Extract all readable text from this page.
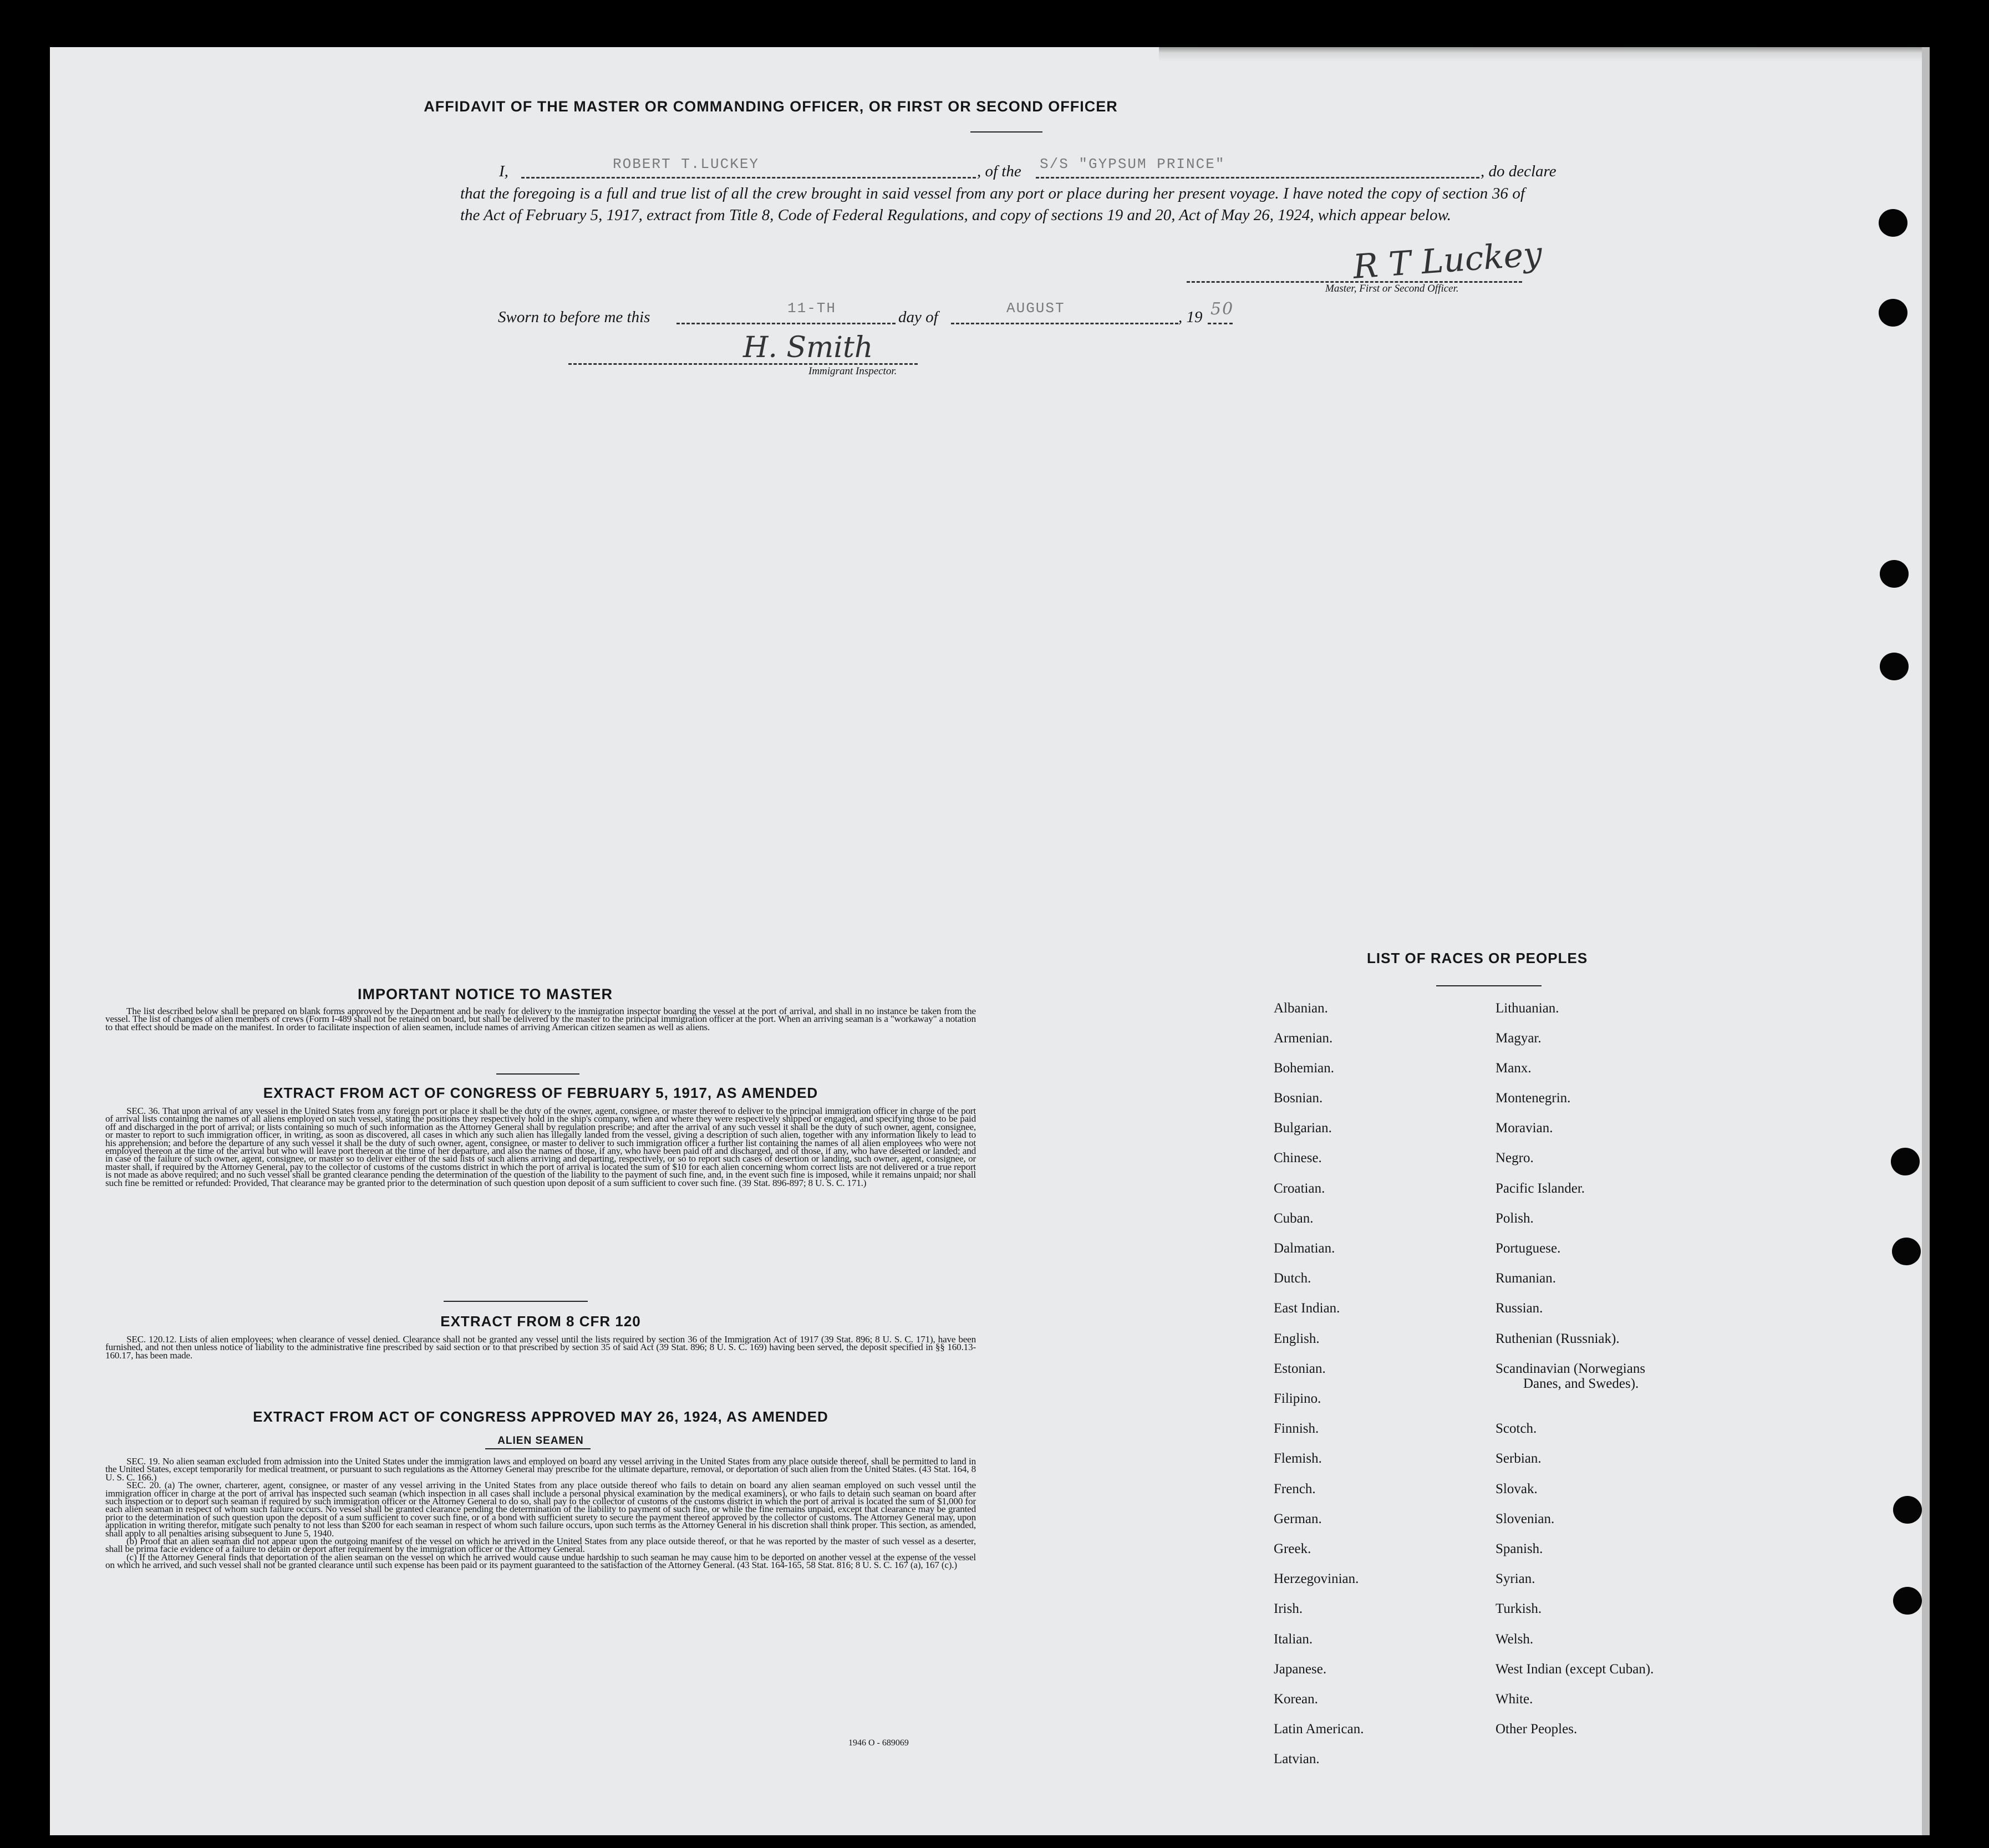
AFFIDAVIT OF THE MASTER OR COMMANDING OFFICER, OR FIRST OR SECOND OFFICER
I,	ROBERT T.LUCKEY	, of the S/S "GYPSUM PRINCE"	, do declare
that the foregoing is a full and true list of all the crew brought in said vessel from any port or place during her present voyage. I have noted the copy of section 36 of the Act of February 5, 1917, extract from Title 8, Code of Federal Regulations, and copy of sections 19 and 20, Act of May 26, 1924, which appear below.
R T Luckey
Master, First or Second Officer.
Sworn to before me this	11-TH	day of	AUGUST	, 19 50
H. Smith
Immigrant Inspector.
IMPORTANT NOTICE TO MASTER

The list described below shall be prepared on blank forms approved by the Department and be ready for delivery to the immigration inspector boarding the vessel at the port of arrival, and shall in no instance be taken from the vessel. The list of changes of alien members of crews (Form I-489 shall not be retained on board, but shall be delivered by the master to the principal immigration officer at the port. When an arriving seaman is a "workaway" a notation to that effect should be made on the manifest. In order to facilitate inspection of alien seamen, include names of arriving American citizen seamen as well as aliens.

EXTRACT FROM ACT OF CONGRESS OF FEBRUARY 5, 1917, AS AMENDED

SEC. 36. That upon arrival of any vessel in the United States from any foreign port or place it shall be the duty of the owner, agent, consignee, or master thereof to deliver to the principal immigration officer in charge of the port of arrival lists containing the names of all aliens employed on such vessel, stating the positions they respectively hold in the ship's company, when and where they were respectively shipped or engaged, and specifying those to be paid off and discharged in the port of arrival; or lists containing so much of such information as the Attorney General shall by regulation prescribe; and after the arrival of any such vessel it shall be the duty of such owner, agent, consignee, or master to report to such immigration officer, in writing, as soon as discovered, all cases in which any such alien has illegally landed from the vessel, giving a description of such alien, together with any information likely to lead to his apprehension; and before the departure of any such vessel it shall be the duty of such owner, agent, consignee, or master to deliver to such immigration officer a further list containing the names of all alien employees who were not employed thereon at the time of the arrival but who will leave port thereon at the time of her departure, and also the names of those, if any, who have been paid off and discharged, and of those, if any, who have deserted or landed; and in case of the failure of such owner, agent, consignee, or master so to deliver either of the said lists of such aliens arriving and departing, respectively, or so to report such cases of desertion or landing, such owner, agent, consignee, or master shall, if required by the Attorney General, pay to the collector of customs of the customs district in which the port of arrival is located the sum of $10 for each alien concerning whom correct lists are not delivered or a true report is not made as above required; and no such vessel shall be granted clearance pending the determination of the question of the liability to the payment of such fine, and, in the event such fine is imposed, while it remains unpaid; nor shall such fine be remitted or refunded: Provided, That clearance may be granted prior to the determination of such question upon deposit of a sum sufficient to cover such fine. (39 Stat. 896-897; 8 U. S. C. 171.)

EXTRACT FROM 8 CFR 120

SEC. 120.12. Lists of alien employees; when clearance of vessel denied. Clearance shall not be granted any vessel until the lists required by section 36 of the Immigration Act of 1917 (39 Stat. 896; 8 U. S. C. 171), have been furnished, and not then unless notice of liability to the administrative fine prescribed by said section or to that prescribed by section 35 of said Act (39 Stat. 896; 8 U. S. C. 169) having been served, the deposit specified in §§ 160.13-160.17, has been made.

EXTRACT FROM ACT OF CONGRESS APPROVED MAY 26, 1924, AS AMENDED
ALIEN SEAMEN

SEC. 19. No alien seaman excluded from admission into the United States under the immigration laws and employed on board any vessel arriving in the United States from any place outside thereof, shall be permitted to land in the United States, except temporarily for medical treatment, or pursuant to such regulations as the Attorney General may prescribe for the ultimate departure, removal, or deportation of such alien from the United States. (43 Stat. 164, 8 U. S. C. 166.)

SEC. 20. (a) The owner, charterer, agent, consignee, or master of any vessel arriving in the United States from any place outside thereof who fails to detain on board any alien seaman employed on such vessel until the immigration officer in charge at the port of arrival has inspected such seaman (which inspection in all cases shall include a personal physical examination by the medical examiners), or who fails to detain such seaman on board after such inspection or to deport such seaman if required by such immigration officer or the Attorney General to do so, shall pay to the collector of customs of the customs district in which the port of arrival is located the sum of $1,000 for each alien seaman in respect of whom such failure occurs. No vessel shall be granted clearance pending the determination of the liability to payment of such fine, or while the fine remains unpaid, except that clearance may be granted prior to the determination of such question upon the deposit of a sum sufficient to cover such fine, or of a bond with sufficient surety to secure the payment thereof approved by the collector of customs. The Attorney General may, upon application in writing therefor, mitigate such penalty to not less than $200 for each seaman in respect of whom such failure occurs, upon such terms as the Attorney General in his discretion shall think proper. This section, as amended, shall apply to all penalties arising subsequent to June 5, 1940.

(b) Proof that an alien seaman did not appear upon the outgoing manifest of the vessel on which he arrived in the United States from any place outside thereof, or that he was reported by the master of such vessel as a deserter, shall be prima facie evidence of a failure to detain or deport after requirement by the immigration officer or the Attorney General.

(c) If the Attorney General finds that deportation of the alien seaman on the vessel on which he arrived would cause undue hardship to such seaman he may cause him to be deported on another vessel at the expense of the vessel on which he arrived, and such vessel shall not be granted clearance until such expense has been paid or its payment guaranteed to the satisfaction of the Attorney General. (43 Stat. 164-165, 58 Stat. 816; 8 U. S. C. 167 (a), 167 (c).)

1946 O - 689069
LIST OF RACES OR PEOPLES
Albanian.
Armenian.
Bohemian.
Bosnian.
Bulgarian.
Chinese.
Croatian.
Cuban.
Dalmatian.
Dutch.
East Indian.
English.
Estonian.
Filipino.
Finnish.
Flemish.
French.
German.
Greek.
Herzegovinian.
Irish.
Italian.
Japanese.
Korean.
Latin American.
Latvian.
Lithuanian.
Magyar.
Manx.
Montenegrin.
Moravian.
Negro.
Pacific Islander.
Polish.
Portuguese.
Rumanian.
Russian.
Ruthenian (Russniak).
Scandinavian (Norwegians
Danes, and Swedes).
Scotch.
Serbian.
Slovak.
Slovenian.
Spanish.
Syrian.
Turkish.
Welsh.
West Indian (except Cuban).
White.
Other Peoples.
